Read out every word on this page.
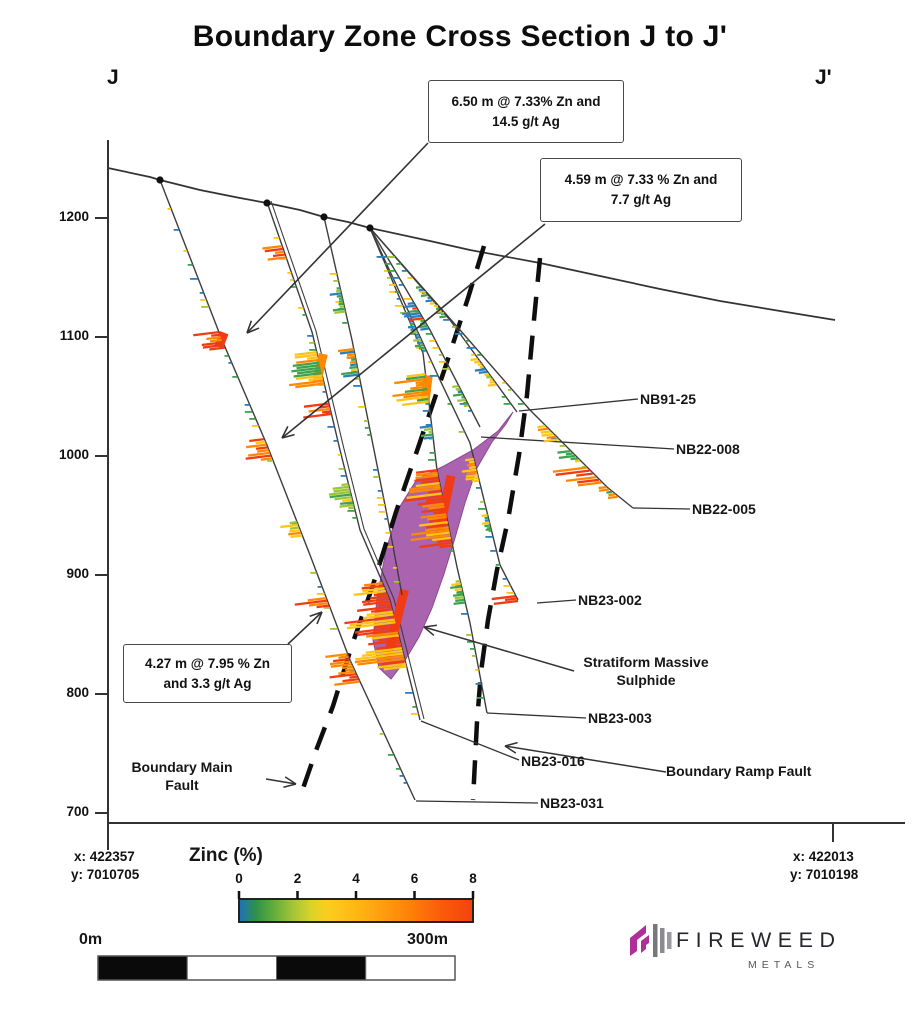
Boundary Zone Cross Section J to J'
J	J'
6.50 m @ 7.33% Zn and
14.5 g/t Ag
4.59 m @ 7.33 % Zn and
7.7 g/t Ag
4.27 m @ 7.95 % Zn
and 3.3 g/t Ag
Boundary Main
Fault
Boundary Ramp Fault
Stratiform Massive
Sulphide
x: 422357
y: 7010705
x: 422013
y: 7010198
Zinc (%)
0m	300m	FIREWEED
METALS
1200
1100
1000
900
800
700
NB23-031
NB23-016
NB23-003
NB23-002
NB91-25
NB22-008
NB22-005
0	2	4	6	8
